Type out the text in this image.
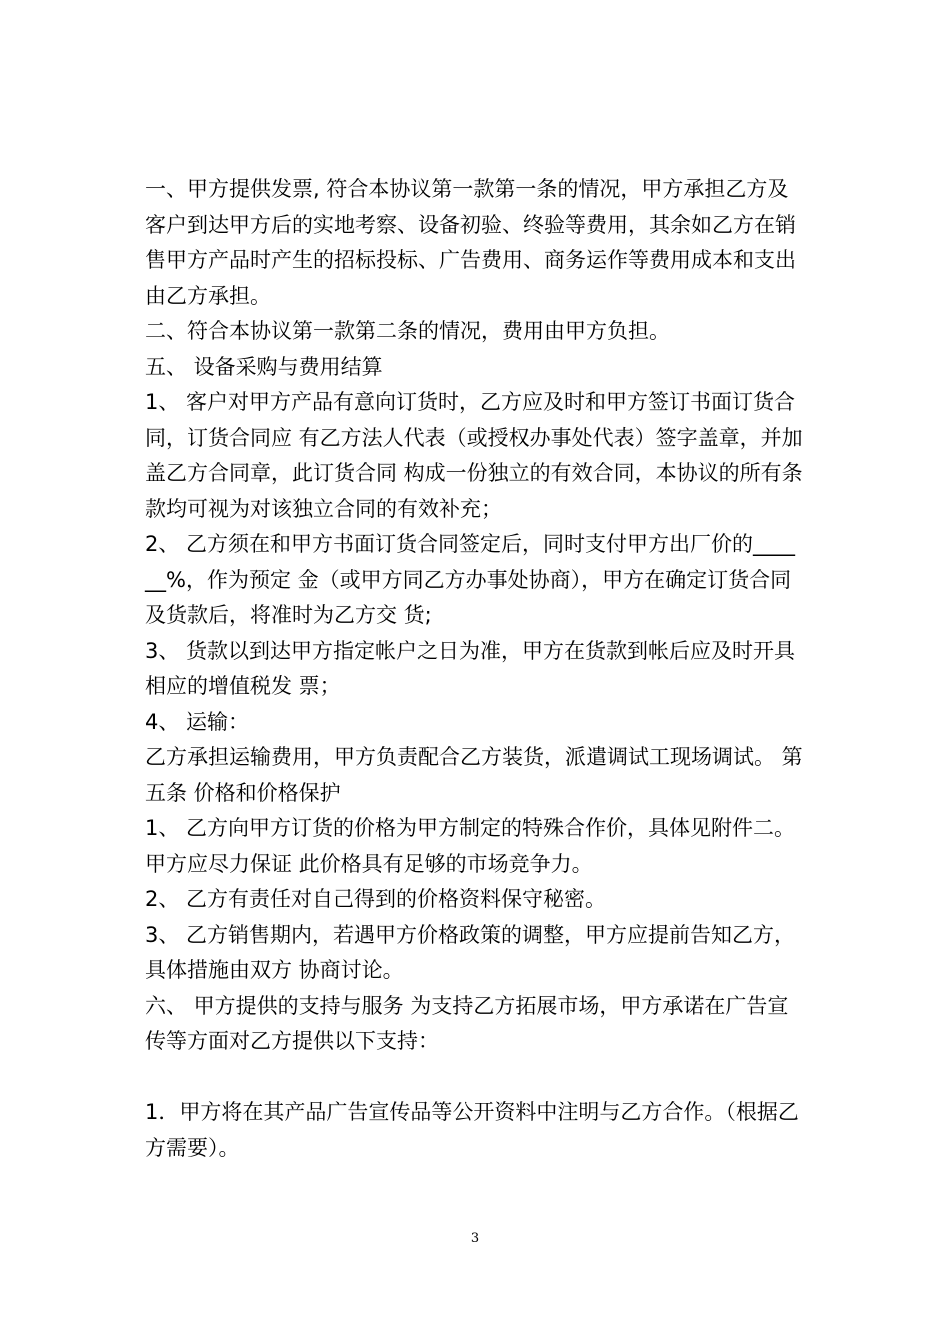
一、甲方提供发票, 符合本协议第一款第一条的情况，甲方承担乙方及客户到达甲方后的实地考察、设备初验、终验等费用，其余如乙方在销售甲方产品时产生的招标投标、广告费用、商务运作等费用成本和支出由乙方承担。

二、符合本协议第一款第二条的情况，费用由甲方负担。

五、 设备采购与费用结算

1、 客户对甲方产品有意向订货时，乙方应及时和甲方签订书面订货合同，订货合同应 有乙方法人代表（或授权办事处代表）签字盖章，并加盖乙方合同章，此订货合同 构成一份独立的有效合同，本协议的所有条款均可视为对该独立合同的有效补充；

2、 乙方须在和甲方书面订货合同签定后，同时支付甲方出厂价的______%，作为预定 金（或甲方同乙方办事处协商），甲方在确定订货合同及货款后，将准时为乙方交 货;

3、 货款以到达甲方指定帐户之日为准，甲方在货款到帐后应及时开具相应的增值税发 票；

4、 运输：

乙方承担运输费用，甲方负责配合乙方装货，派遣调试工现场调试。 第五条 价格和价格保护

1、 乙方向甲方订货的价格为甲方制定的特殊合作价，具体见附件二。甲方应尽力保证 此价格具有足够的市场竞争力。

2、 乙方有责任对自己得到的价格资料保守秘密。

3、 乙方销售期内，若遇甲方价格政策的调整，甲方应提前告知乙方，具体措施由双方 协商讨论。

六、 甲方提供的支持与服务 为支持乙方拓展市场，甲方承诺在广告宣传等方面对乙方提供以下支持：

1．甲方将在其产品广告宣传品等公开资料中注明与乙方合作。（根据乙方需要）。

3
